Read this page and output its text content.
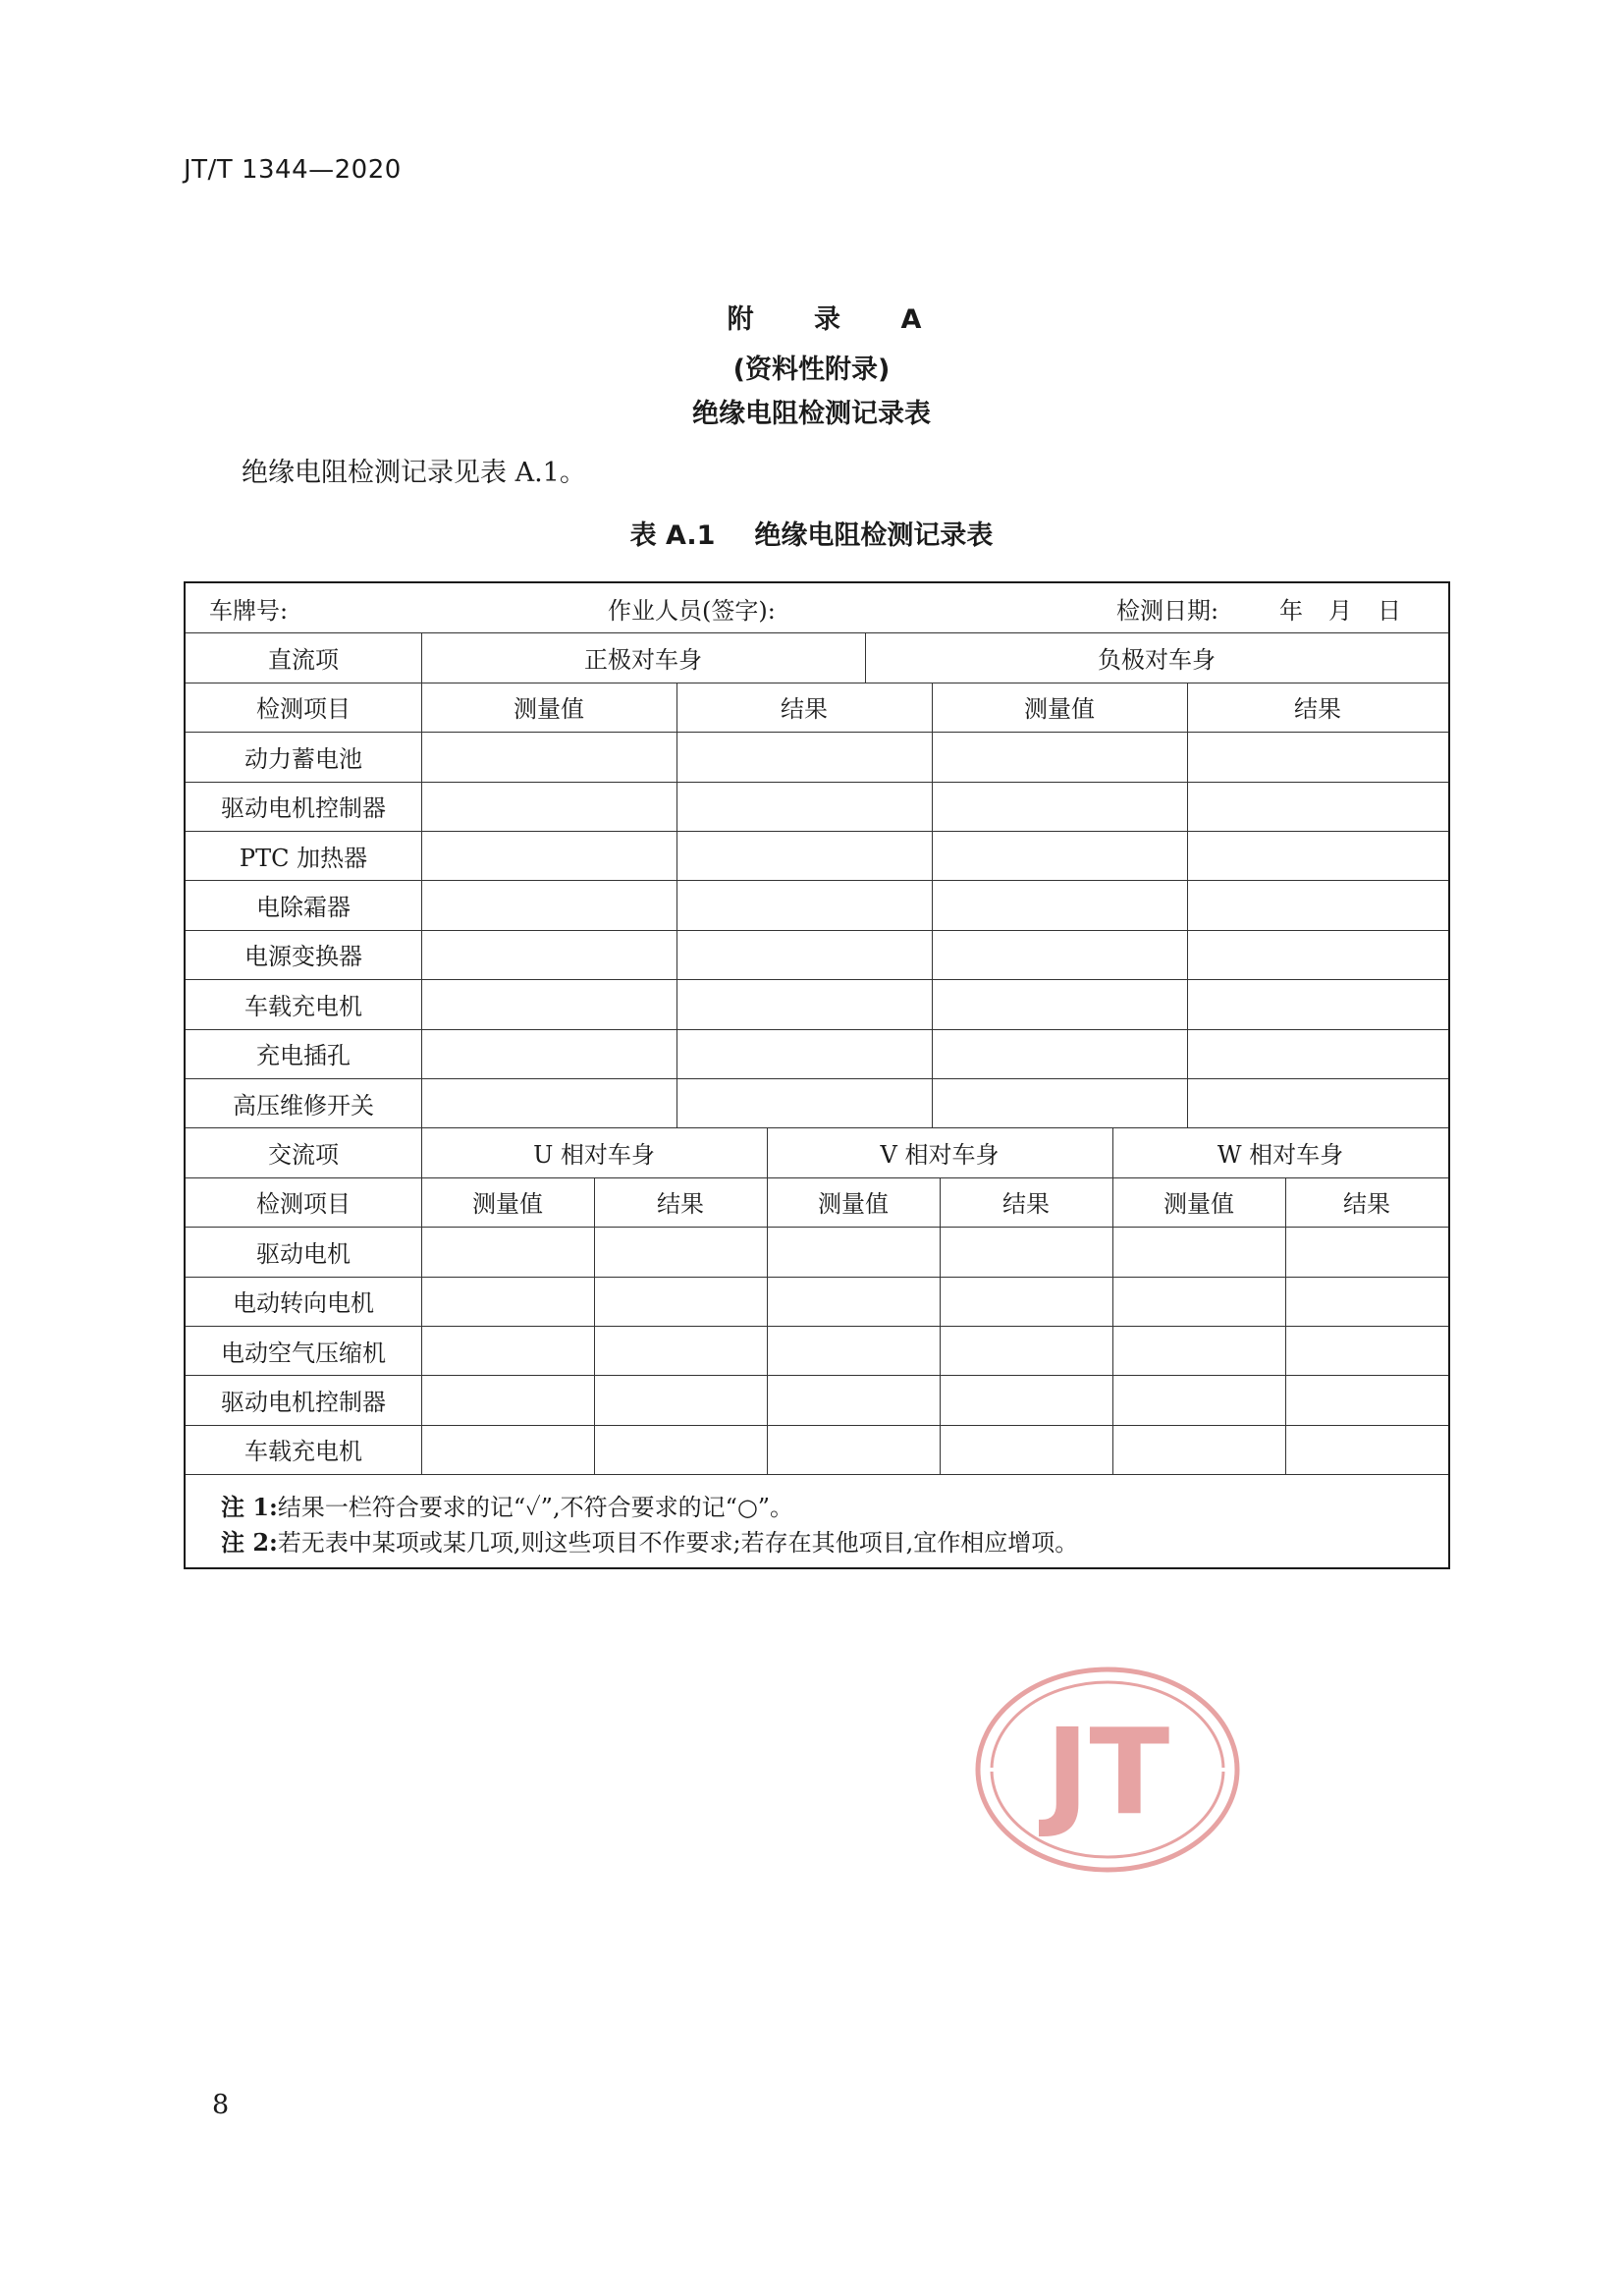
JT/T 1344—2020
附 录 A
(资料性附录)
绝缘电阻检测记录表
绝缘电阻检测记录见表 A.1。
表 A.1 绝缘电阻检测记录表
车牌号:	作业人员(签字):	检测日期:	年	月	日
直流项	正极对车身	负极对车身
检测项目	测量值	结果	测量值	结果
动力蓄电池
驱动电机控制器
PTC 加热器
电除霜器
电源变换器
车载充电机
充电插孔
高压维修开关
交流项	U 相对车身	V 相对车身	W 相对车身
检测项目	测量值	结果	测量值	结果	测量值	结果
驱动电机
电动转向电机
电动空气压缩机
驱动电机控制器
车载充电机
注 1:结果一栏符合要求的记“✓”,不符合要求的记“○”。
注 2:若无表中某项或某几项,则这些项目不作要求;若存在其他项目,宜作相应增项。
8
JT
